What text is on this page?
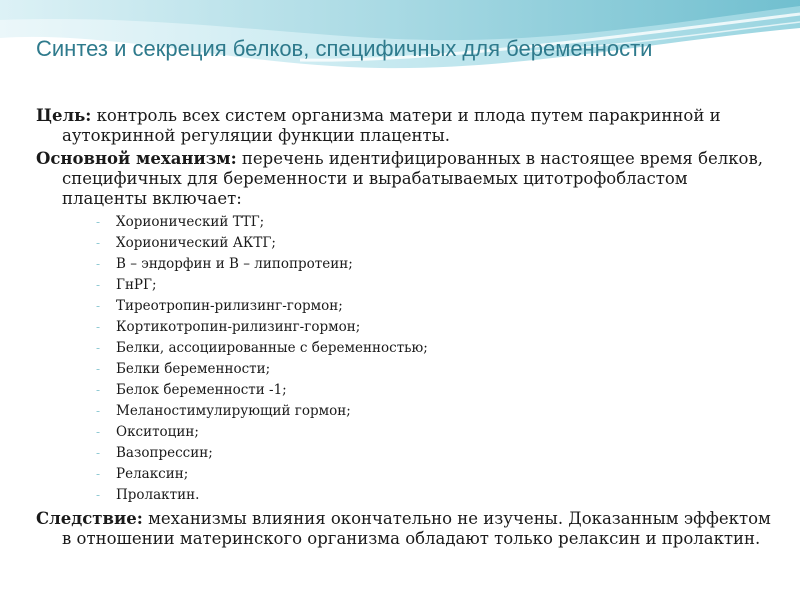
Синтез и секреция белков, специфичных для беременности

Цель: контроль всех систем организма матери и плода путем паракринной и аутокринной регуляции функции плаценты.

Основной механизм: перечень идентифицированных в настоящее время белков, специфичных для беременности и вырабатываемых цитотрофобластом плаценты включает:

- Хорионический ТТГ;
- Хорионический АКТГ;
- В – эндорфин и В – липопротеин;
- ГнРГ;
- Тиреотропин-рилизинг-гормон;
- Кортикотропин-рилизинг-гормон;
- Белки, ассоциированные с беременностью;
- Белки беременности;
- Белок беременности -1;
- Меланостимулирующий гормон;
- Окситоцин;
- Вазопрессин;
- Релаксин;
- Пролактин.

Следствие: механизмы влияния окончательно не изучены. Доказанным эффектом в отношении материнского организма обладают только релаксин и пролактин.
